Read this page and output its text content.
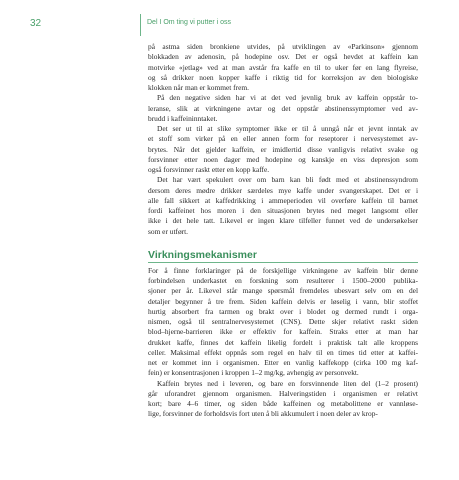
32	Del I Om ting vi putter i oss

på astma siden bronkiene utvides, på utviklingen av «Parkinson» gjennom

blokkaden av adenosin, på hodepine osv. Det er også hevdet at kaffein kan

motvirke «jetlag» ved at man avstår fra kaffe en til to uker før en lang flyreise,

og så drikker noen kopper kaffe i riktig tid for korreksjon av den biologiske

klokken når man er kommet frem.

På den negative siden har vi at det ved jevnlig bruk av kaffein oppstår to-

leranse, slik at virkningene avtar og det oppstår abstinenssymptomer ved av-

brudd i kaffeininntaket.

Det ser ut til at slike symptomer ikke er til å unngå når et jevnt inntak av

et stoff som virker på en eller annen form for reseptorer i nervesystemet av-

brytes. Når det gjelder kaffein, er imidlertid disse vanligvis relativt svake og

forsvinner etter noen dager med hodepine og kanskje en viss depresjon som

også forsvinner raskt etter en kopp kaffe.

Det har vært spekulert over om barn kan bli født med et abstinenssyndrom

dersom deres mødre drikker særdeles mye kaffe under svangerskapet. Det er i

alle fall sikkert at kaffedrikking i ammeperioden vil overføre kaffein til barnet

fordi kaffeinet hos moren i den situasjonen brytes ned meget langsomt eller

ikke i det hele tatt. Likevel er ingen klare tilfeller funnet ved de undersøkelser

som er utført.

Virkningsmekanismer

For å finne forklaringer på de forskjellige virkningene av kaffein blir denne

forbindelsen underkastet en forskning som resulterer i 1500–2000 publika-

sjoner per år. Likevel står mange spørsmål fremdeles ubesvart selv om en del

detaljer begynner å tre frem. Siden kaffein delvis er løselig i vann, blir stoffet

hurtig absorbert fra tarmen og brakt over i blodet og dermed rundt i orga-

nismen, også til sentralnervesystemet (CNS). Dette skjer relativt raskt siden

blod–hjerne-barrieren ikke er effektiv for kaffein. Straks etter at man har

drukket kaffe, finnes det kaffein likelig fordelt i praktisk talt alle kroppens

celler. Maksimal effekt oppnås som regel en halv til en times tid etter at kaffei-

net er kommet inn i organismen. Etter en vanlig kaffekopp (cirka 100 mg kaf-

fein) er konsentrasjonen i kroppen 1–2 mg/kg, avhengig av personvekt.

Kaffein brytes ned i leveren, og bare en forsvinnende liten del (1–2 prosent)

går uforandret gjennom organismen. Halveringstiden i organismen er relativt

kort; bare 4–6 timer, og siden både kaffeinen og metabolittene er vannløse-

lige, forsvinner de forholdsvis fort uten å bli akkumulert i noen deler av krop-
